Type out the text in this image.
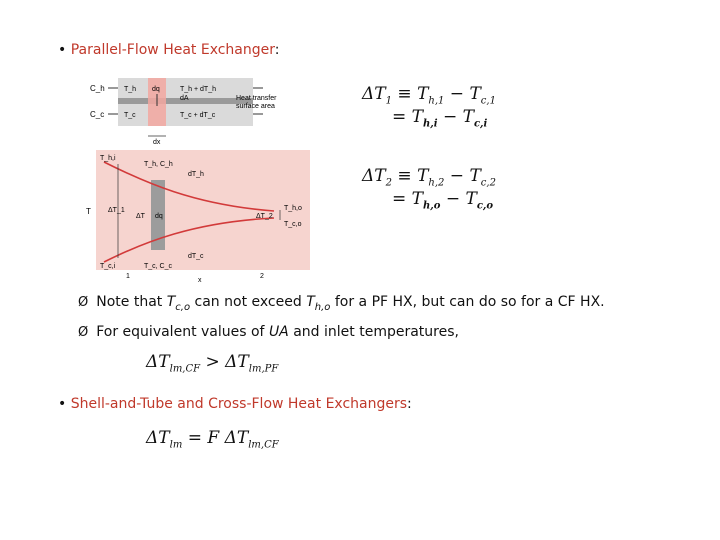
• Parallel-Flow Heat Exchanger:
C_h
C_c
T_h
T_c
dq
dA
T_h + dT_h
T_c + dT_c
Heat transfer
surface area
dx
T_h,i
T_c,i
T_h, C_h
T_c, C_c
dT_h
dT_c
dq
ΔT
ΔT_1
ΔT_2
T_h,o
T_c,o
T
1
x
2
$\Delta T_1 \equiv T_{h,1} - T_{c,1}$
= $T_{h,i} - T_{c,i}$
$\Delta T_2 \equiv T_{h,2} - T_{c,2}$
= $T_{h,o} - T_{c,o}$
Ø Note that $T_{c,o}$ can not exceed $T_{h,o}$ for a PF HX, but can do so for a CF HX.
Ø For equivalent values of UA and inlet temperatures,
$\Delta T_{lm,CF} > \Delta T_{lm,PF}$
• Shell-and-Tube and Cross-Flow Heat Exchangers:
$\Delta T_{lm} = F$ $\Delta T_{lm,CF}$
